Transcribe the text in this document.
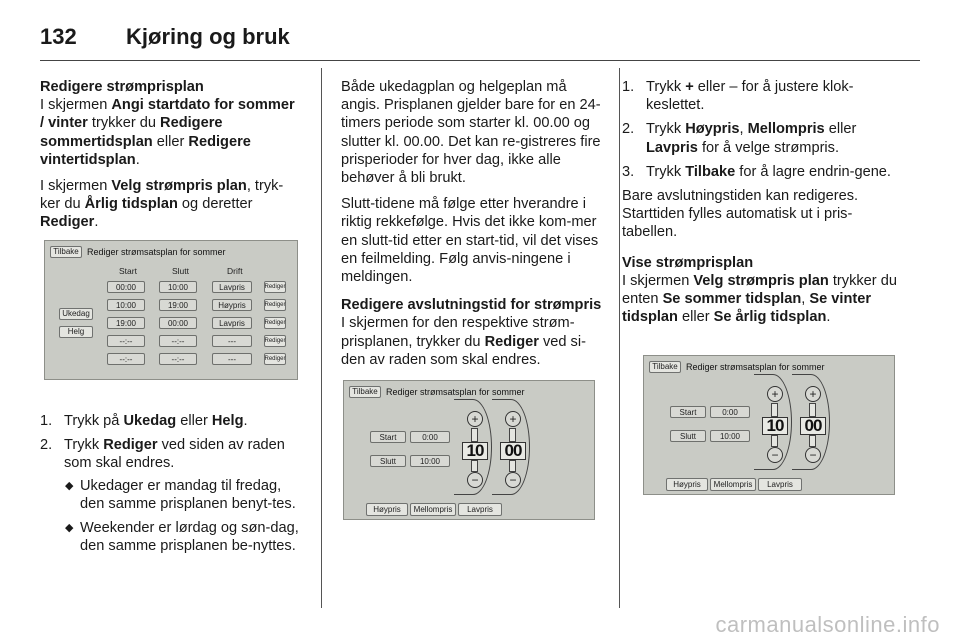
132 Kjøring og bruk

Redigere strømprisplan

I skjermen Angi startdato for sommer / vinter trykker du Redigere sommertidsplan eller Redigere vintertidsplan.

I skjermen Velg strømpris plan, tryk-ker du Årlig tidsplan og deretter Rediger.

1. Trykk på Ukedag eller Helg.
2. Trykk Rediger ved siden av raden som skal endres.
◆ Ukedager er mandag til fredag, den samme prisplanen benyt-tes.
◆ Weekender er lørdag og søn-dag, den samme prisplanen be-nyttes.
Tilbake Rediger strømsatsplan for sommer
Start	Slutt	Drift
Ukedag
Helg
00:00	10:00	Lavpris	Rediger
10:00	19:00	Høypris	Rediger
19:00	00:00	Lavpris	Rediger
--:--	--:--	---	Rediger
--:--	--:--	---	Rediger

Både ukedagplan og helgeplan må angis. Prisplanen gjelder bare for en 24-timers periode som starter kl. 00.00 og slutter kl. 00.00. Det kan re-gistreres fire prisperioder for hver dag, ikke alle behøver å bli brukt.

Slutt-tidene må følge etter hverandre i riktig rekkefølge. Hvis det ikke kom-mer en slutt-tid etter en start-tid, vil det vises en feilmelding. Følg anvis-ningene i meldingen.

Redigere avslutningstid for strømpris

I skjermen for den respektive strøm-prisplanen, trykker du Rediger ved si-den av raden som skal endres.

Tilbake Rediger strømsatsplan for sommer
Start	0:00
Slutt	10:00
+
10
−
+
00
−
Høypris	Mellompris	Lavpris
1. Trykk + eller – for å justere klok-keslettet.
2. Trykk Høypris, Mellompris eller Lavpris for å velge strømpris.
3. Trykk Tilbake for å lagre endrin-gene.

Bare avslutningstiden kan redigeres. Starttiden fylles automatisk ut i pris-tabellen.

Vise strømprisplan

I skjermen Velg strømpris plan trykker du enten Se sommer tidsplan, Se vinter tidsplan eller Se årlig tidsplan.

Tilbake Rediger strømsatsplan for sommer
Start	0:00
Slutt	10:00
+
10
−
+
00
−
Høypris	Mellompris	Lavpris
carmanualsonline.info
